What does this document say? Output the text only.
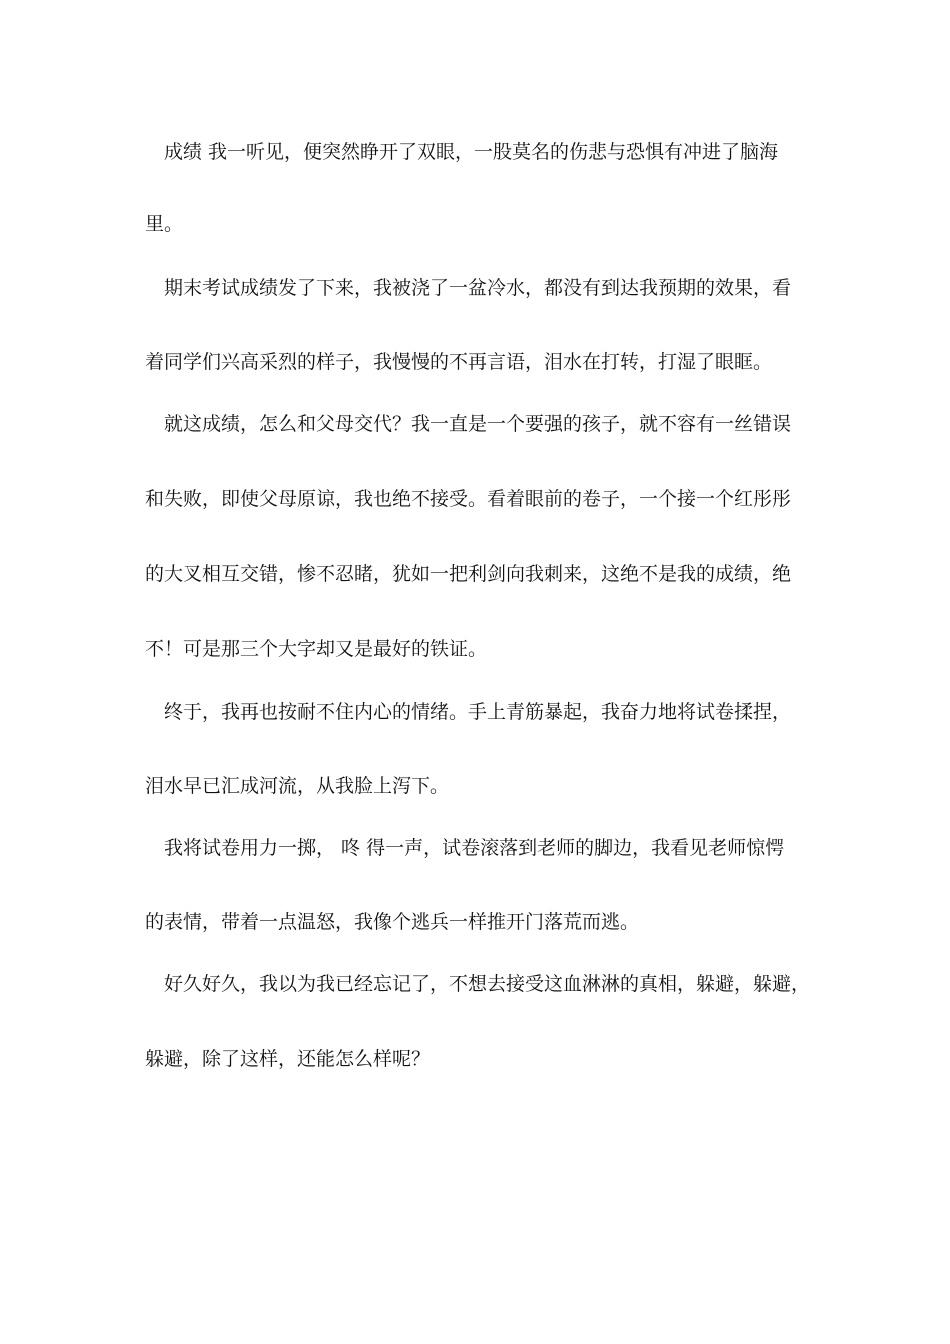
　成绩 我一听见，便突然睁开了双眼，一股莫名的伤悲与恐惧有冲进了脑海

里。

　期末考试成绩发了下来，我被浇了一盆冷水，都没有到达我预期的效果，看

着同学们兴高采烈的样子，我慢慢的不再言语，泪水在打转，打湿了眼眶。

　就这成绩，怎么和父母交代？我一直是一个要强的孩子，就不容有一丝错误

和失败，即使父母原谅，我也绝不接受。看着眼前的卷子，一个接一个红彤彤

的大叉相互交错，惨不忍睹，犹如一把利剑向我刺来，这绝不是我的成绩，绝

不！可是那三个大字却又是最好的铁证。

　终于，我再也按耐不住内心的情绪。手上青筋暴起，我奋力地将试卷揉捏，

泪水早已汇成河流，从我脸上泻下。

　我将试卷用力一掷， 咚 得一声，试卷滚落到老师的脚边，我看见老师惊愕

的表情，带着一点温怒，我像个逃兵一样推开门落荒而逃。

　好久好久，我以为我已经忘记了，不想去接受这血淋淋的真相，躲避，躲避，

躲避，除了这样，还能怎么样呢？
